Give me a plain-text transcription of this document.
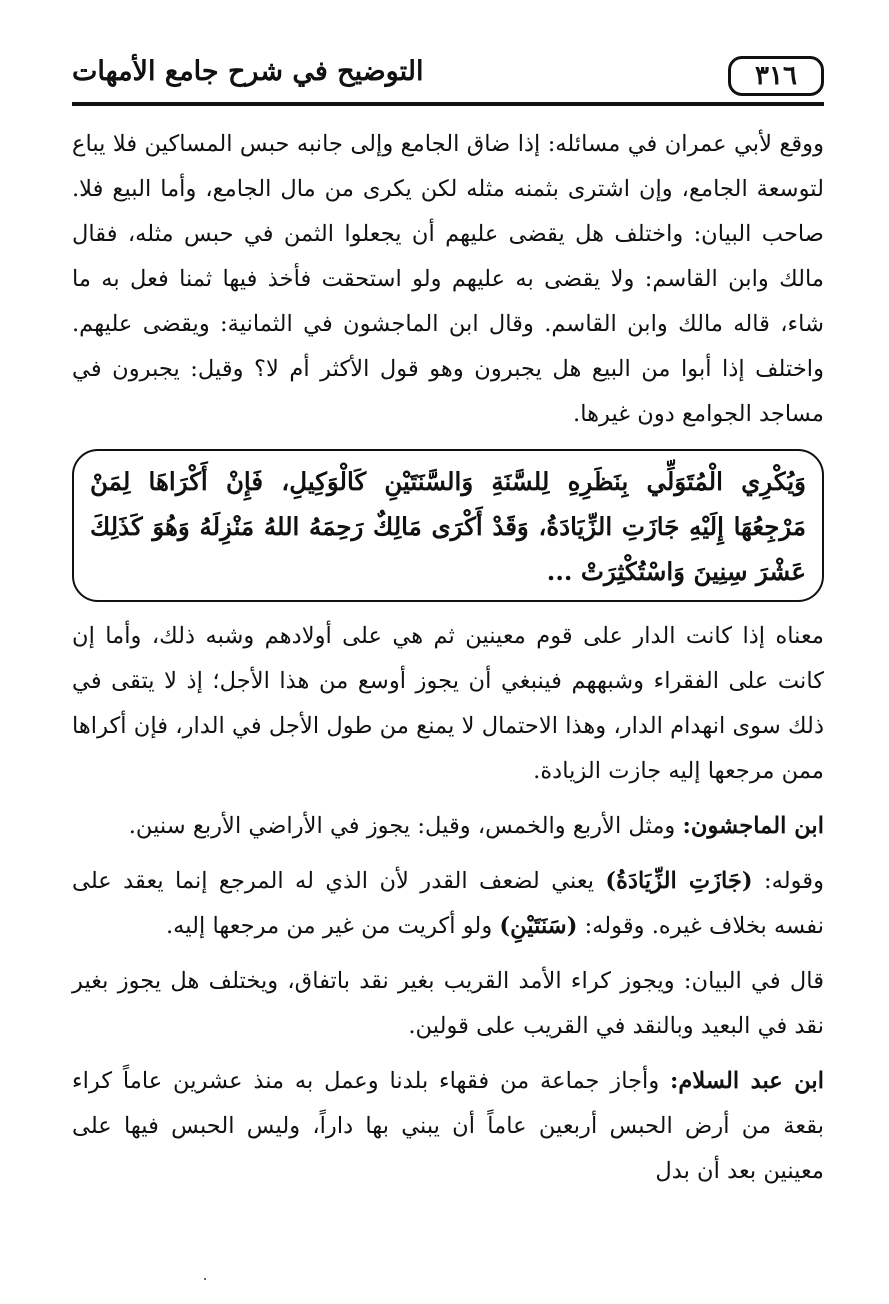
٣١٦
التوضيح في شرح جامع الأمهات

ووقع لأبي عمران في مسائله: إذا ضاق الجامع وإلى جانبه حبس المساكين فلا يباع لتوسعة الجامع، وإن اشترى بثمنه مثله لكن يكرى من مال الجامع، وأما البيع فلا. صاحب البيان: واختلف هل يقضى عليهم أن يجعلوا الثمن في حبس مثله، فقال مالك وابن القاسم: ولا يقضى به عليهم ولو استحقت فأخذ فيها ثمنا فعل به ما شاء، قاله مالك وابن القاسم. وقال ابن الماجشون في الثمانية: ويقضى عليهم. واختلف إذا أبوا من البيع هل يجبرون وهو قول الأكثر أم لا؟ وقيل: يجبرون في مساجد الجوامع دون غيرها.

وَيُكْرِي الْمُتَوَلِّي بِنَظَرِهِ لِلسَّنَةِ وَالسَّنَتَيْنِ كَالْوَكِيلِ، فَإِنْ أَكْرَاهَا لِمَنْ مَرْجِعُهَا إِلَيْهِ جَازَتِ الزِّيَادَةُ، وَقَدْ أَكْرَى مَالِكٌ رَحِمَهُ اللهُ مَنْزِلَهُ وَهُوَ كَذَلِكَ عَشْرَ سِنِينَ وَاسْتُكْثِرَتْ ...

معناه إذا كانت الدار على قوم معينين ثم هي على أولادهم وشبه ذلك، وأما إن كانت على الفقراء وشبههم فينبغي أن يجوز أوسع من هذا الأجل؛ إذ لا يتقى في ذلك سوى انهدام الدار، وهذا الاحتمال لا يمنع من طول الأجل في الدار، فإن أكراها ممن مرجعها إليه جازت الزيادة.

ابن الماجشون: ومثل الأربع والخمس، وقيل: يجوز في الأراضي الأربع سنين.

وقوله: (جَازَتِ الزِّيَادَةُ) يعني لضعف القدر لأن الذي له المرجع إنما يعقد على نفسه بخلاف غيره. وقوله: (سَنَتَيْنِ) ولو أكريت من غير من مرجعها إليه.

قال في البيان: ويجوز كراء الأمد القريب بغير نقد باتفاق، ويختلف هل يجوز بغير نقد في البعيد وبالنقد في القريب على قولين.

ابن عبد السلام: وأجاز جماعة من فقهاء بلدنا وعمل به منذ عشرين عاماً كراء بقعة من أرض الحبس أربعين عاماً أن يبني بها داراً، وليس الحبس فيها على معينين بعد أن بدل
